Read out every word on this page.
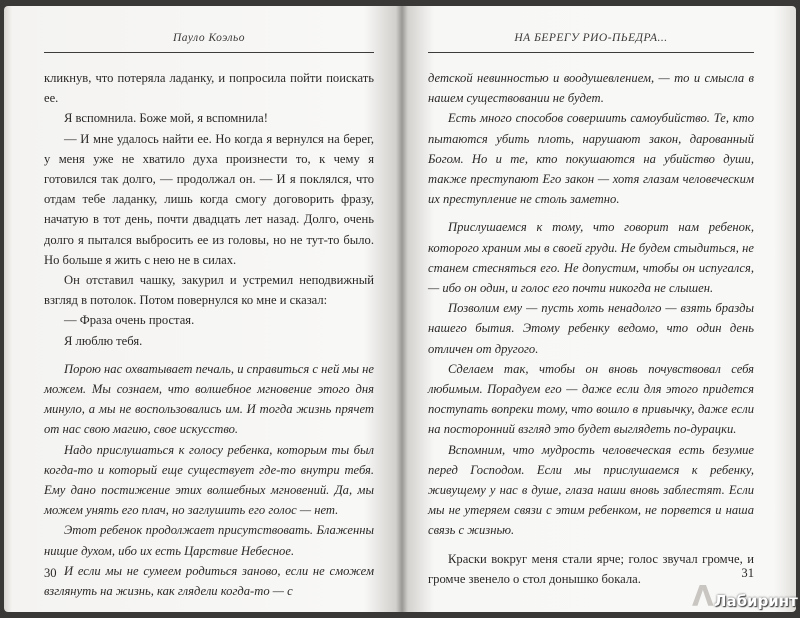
Пауло Коэльо

кликнув, что потеряла ладанку, и попросила пойти поискать ее.

Я вспомнила. Боже мой, я вспомнила!

— И мне удалось найти ее. Но когда я вернулся на берег, у меня уже не хватило духа произнести то, к чему я готовился так долго, — продолжал он. — И я поклялся, что отдам тебе ладанку, лишь когда смогу договорить фразу, начатую в тот день, почти двадцать лет назад. Долго, очень долго я пытался выбросить ее из головы, но не тут-то было. Но больше я жить с нею не в силах.

Он отставил чашку, закурил и устремил неподвижный взгляд в потолок. Потом повернулся ко мне и сказал:

— Фраза очень простая.

Я люблю тебя.

Порою нас охватывает печаль, и справиться с ней мы не можем. Мы сознаем, что волшебное мгновение этого дня минуло, а мы не воспользовались им. И тогда жизнь прячет от нас свою магию, свое искусство.

Надо прислушаться к голосу ребенка, которым ты был когда-то и который еще существует где-то внутри тебя. Ему дано постижение этих волшебных мгновений. Да, мы можем унять его плач, но заглушить его голос — нет.

Этот ребенок продолжает присутствовать. Блаженны нищие духом, ибо их есть Царствие Небесное.

И если мы не сумеем родиться заново, если не сможем взглянуть на жизнь, как глядели когда-то — с

30
НА БЕРЕГУ РИО-ПЬЕДРА...

детской невинностью и воодушевлением, — то и смысла в нашем существовании не будет.

Есть много способов совершить самоубийство. Те, кто пытаются убить плоть, нарушают закон, дарованный Богом. Но и те, кто покушаются на убийство души, также преступают Его закон — хотя глазам человеческим их преступление не столь заметно.

Прислушаемся к тому, что говорит нам ребенок, которого храним мы в своей груди. Не будем стыдиться, не станем стесняться его. Не допустим, чтобы он испугался, — ибо он один, и голос его почти никогда не слышен.

Позволим ему — пусть хоть ненадолго — взять бразды нашего бытия. Этому ребенку ведомо, что один день отличен от другого.

Сделаем так, чтобы он вновь почувствовал себя любимым. Порадуем его — даже если для этого придется поступать вопреки тому, что вошло в привычку, даже если на посторонний взгляд это будет выглядеть по-дурацки.

Вспомним, что мудрость человеческая есть безумие перед Господом. Если мы прислушаемся к ребенку, живущему у нас в душе, глаза наши вновь заблестят. Если мы не утеряем связи с этим ребенком, не порвется и наша связь с жизнью.

Краски вокруг меня стали ярче; голос звучал громче, и громче звенело о стол донышко бокала.	31
Λ Лабиринт
